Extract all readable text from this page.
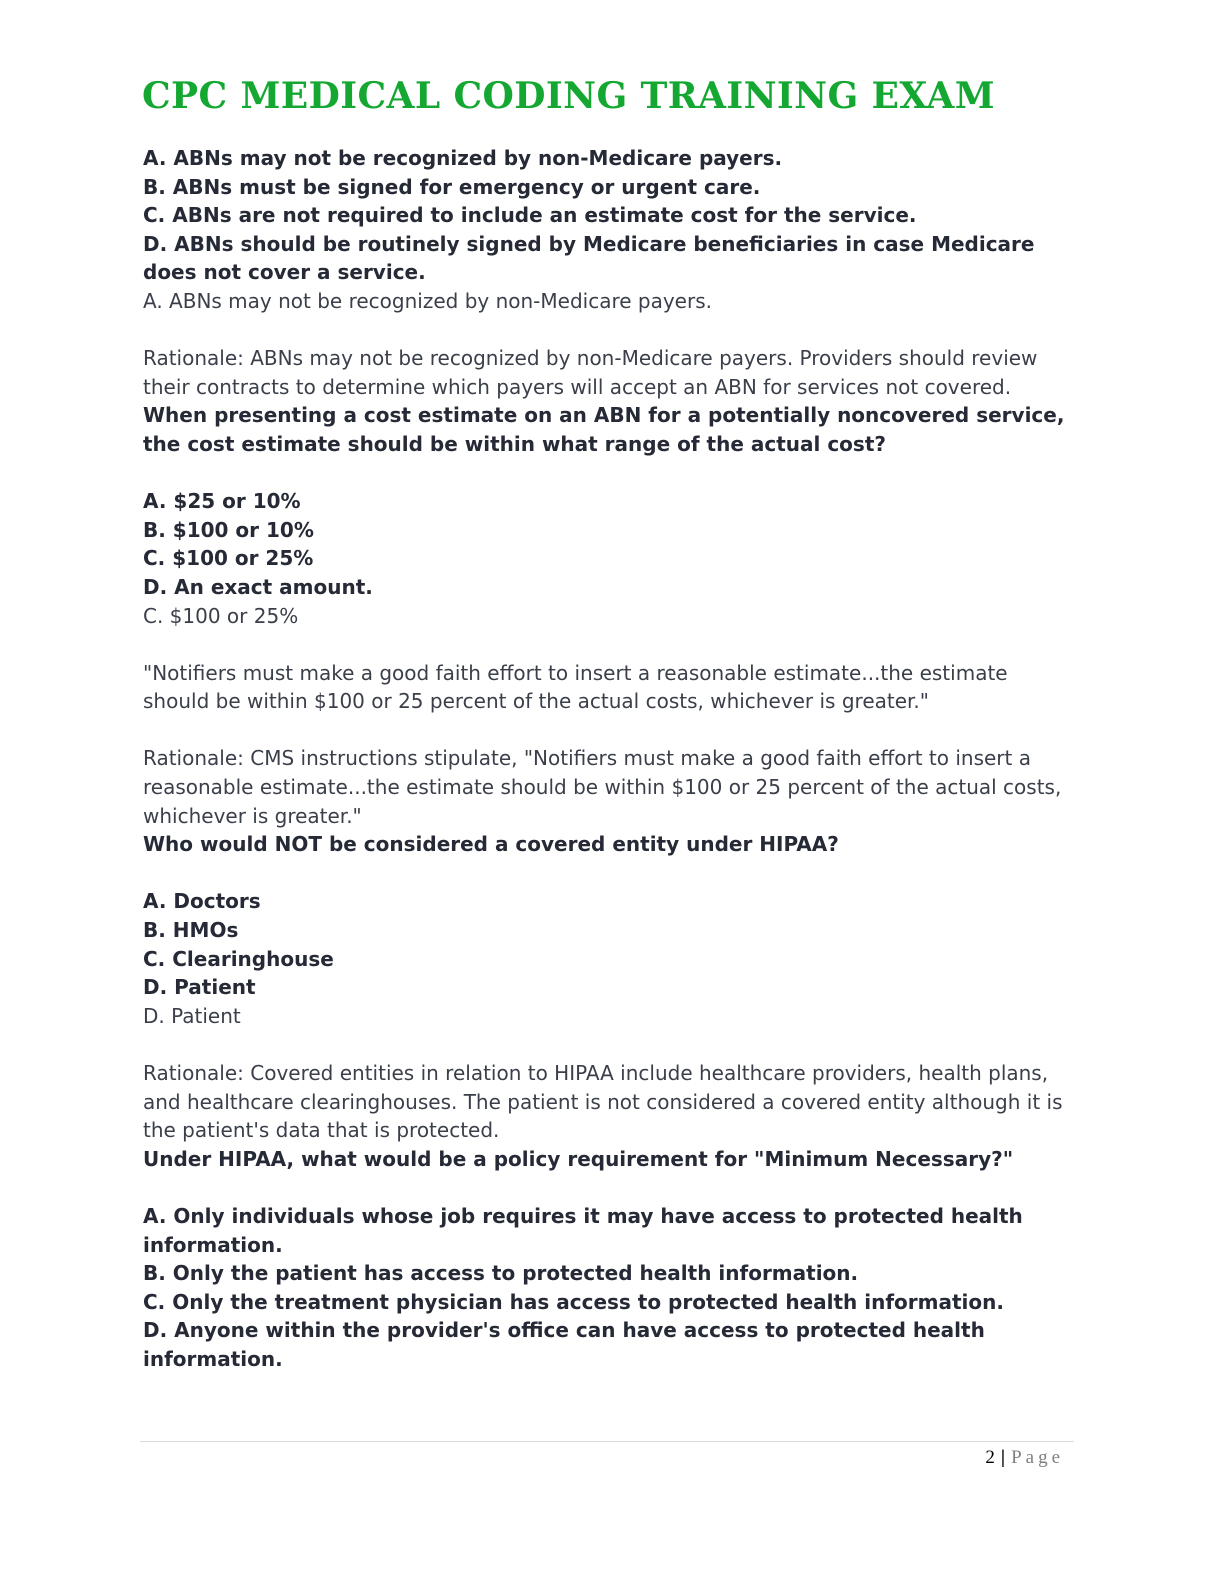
CPC MEDICAL CODING TRAINING EXAM

A. ABNs may not be recognized by non-Medicare payers.

B. ABNs must be signed for emergency or urgent care.

C. ABNs are not required to include an estimate cost for the service.

D. ABNs should be routinely signed by Medicare beneficiaries in case Medicare does not cover a service.

A. ABNs may not be recognized by non-Medicare payers.

Rationale: ABNs may not be recognized by non-Medicare payers. Providers should review their contracts to determine which payers will accept an ABN for services not covered.

When presenting a cost estimate on an ABN for a potentially noncovered service, the cost estimate should be within what range of the actual cost?

A. $25 or 10%

B. $100 or 10%

C. $100 or 25%

D. An exact amount.

C. $100 or 25%

"Notifiers must make a good faith effort to insert a reasonable estimate...the estimate should be within $100 or 25 percent of the actual costs, whichever is greater."

Rationale: CMS instructions stipulate, "Notifiers must make a good faith effort to insert a reasonable estimate...the estimate should be within $100 or 25 percent of the actual costs, whichever is greater."

Who would NOT be considered a covered entity under HIPAA?

A. Doctors

B. HMOs

C. Clearinghouse

D. Patient

D. Patient

Rationale: Covered entities in relation to HIPAA include healthcare providers, health plans, and healthcare clearinghouses. The patient is not considered a covered entity although it is the patient's data that is protected.

Under HIPAA, what would be a policy requirement for "Minimum Necessary?"

A. Only individuals whose job requires it may have access to protected health information.

B. Only the patient has access to protected health information.

C. Only the treatment physician has access to protected health information.

D. Anyone within the provider's office can have access to protected health information.

2 | Page
